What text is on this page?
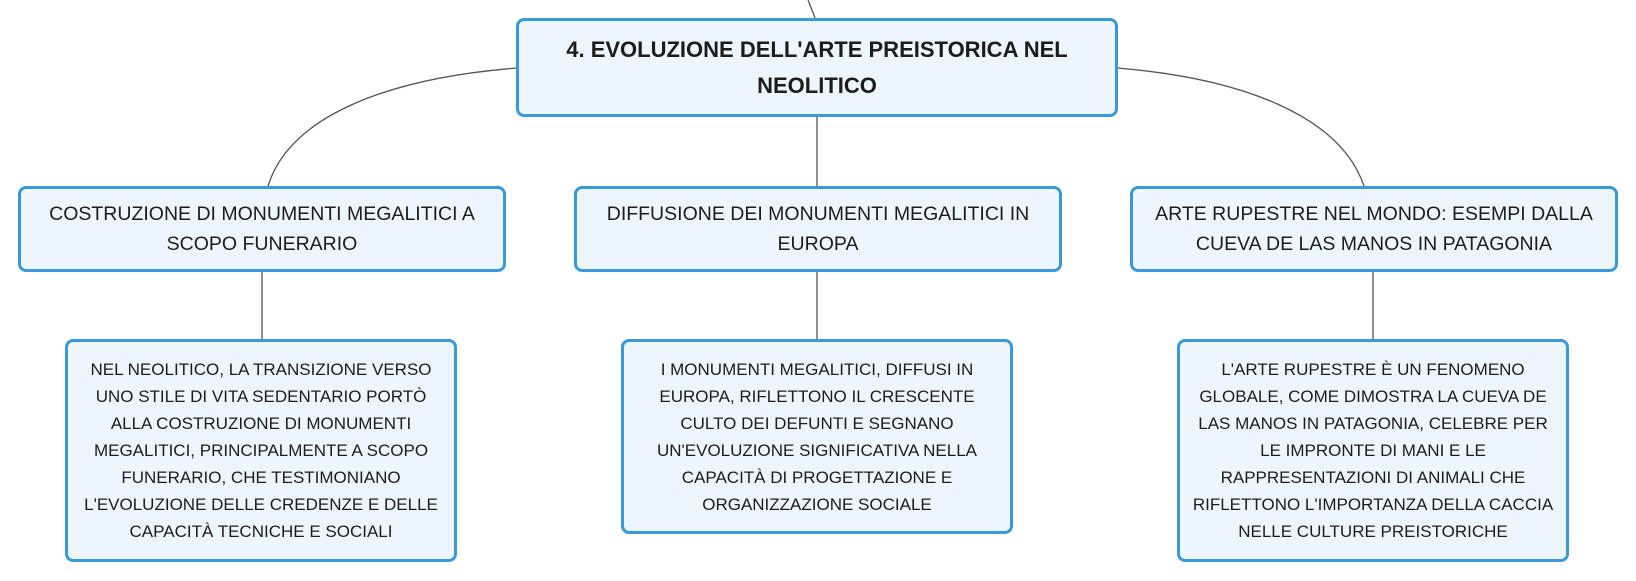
4. EVOLUZIONE DELL'ARTE PREISTORICA NEL NEOLITICO
COSTRUZIONE DI MONUMENTI MEGALITICI A SCOPO FUNERARIO
DIFFUSIONE DEI MONUMENTI MEGALITICI IN EUROPA
ARTE RUPESTRE NEL MONDO: ESEMPI DALLA CUEVA DE LAS MANOS IN PATAGONIA
NEL NEOLITICO, LA TRANSIZIONE VERSO UNO STILE DI VITA SEDENTARIO PORTÒ ALLA COSTRUZIONE DI MONUMENTI MEGALITICI, PRINCIPALMENTE A SCOPO FUNERARIO, CHE TESTIMONIANO L'EVOLUZIONE DELLE CREDENZE E DELLE CAPACITÀ TECNICHE E SOCIALI
I MONUMENTI MEGALITICI, DIFFUSI IN EUROPA, RIFLETTONO IL CRESCENTE CULTO DEI DEFUNTI E SEGNANO UN'EVOLUZIONE SIGNIFICATIVA NELLA CAPACITÀ DI PROGETTAZIONE E ORGANIZZAZIONE SOCIALE
L'ARTE RUPESTRE È UN FENOMENO GLOBALE, COME DIMOSTRA LA CUEVA DE LAS MANOS IN PATAGONIA, CELEBRE PER LE IMPRONTE DI MANI E LE RAPPRESENTAZIONI DI ANIMALI CHE RIFLETTONO L'IMPORTANZA DELLA CACCIA NELLE CULTURE PREISTORICHE
